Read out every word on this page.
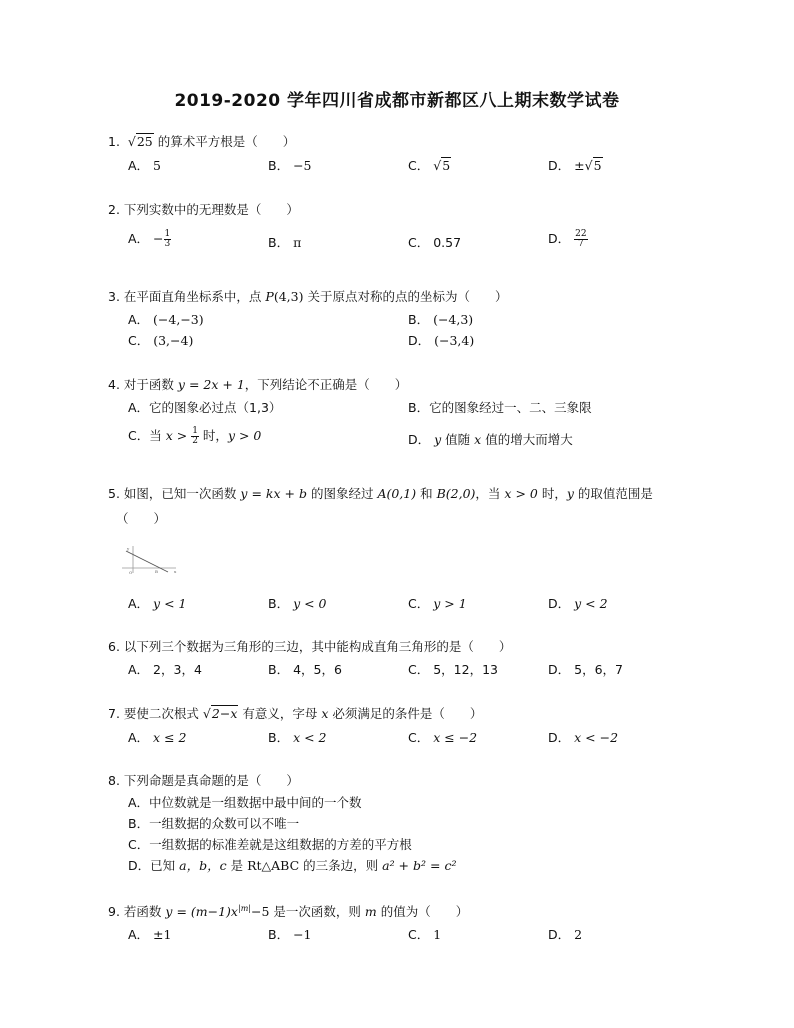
2019-2020 学年四川省成都市新都区八上期末数学试卷
1. √25 的算术平方根是（　　）
A． 5	B． −5	C． √5	D． ±√5
2. 下列实数中的无理数是（　　）
A． − $\frac{1}{3}$	B． π	C． 0.57	D． $\frac{22}{7}$
3. 在平面直角坐标系中，点 P(4,3) 关于原点对称的点的坐标为（　　）
A． (−4,−3)	B． (−4,3)
C． (3,−4)	D． (−3,4)
4. 对于函数 y = 2x + 1，下列结论不正确是（　　）
A．它的图象必过点（1,3）	B．它的图象经过一、二、三象限
C．当 $x > \frac{1}{2}$ 时，y > 0	D． y 值随 x 值的增大而增大
5. 如图，已知一次函数 y = kx + b 的图象经过 A(0,1) 和 B(2,0)，当 x > 0 时，y 的取值范围是
（　　）
y
O	B	x
A． y < 1	B． y < 0	C． y > 1	D． y < 2
6. 以下列三个数据为三角形的三边，其中能构成直角三角形的是（　　）
A． 2，3，4	B． 4，5，6	C． 5，12，13	D． 5，6，7
7. 要使二次根式 √2−x 有意义，字母 x 必须满足的条件是（　　）
A． x ≤ 2	B． x < 2	C． x ≤ −2	D． x < −2
8. 下列命题是真命题的是（　　）
A．中位数就是一组数据中最中间的一个数
B．一组数据的众数可以不唯一
C．一组数据的标准差就是这组数据的方差的平方根
D．已知 a，b，c 是 Rt△ABC 的三条边，则 a² + b² = c²
9. 若函数 $y = (m-1)x^{|m|}-5$ 是一次函数，则 m 的值为（　　）
A． ±1	B． −1	C． 1	D． 2
